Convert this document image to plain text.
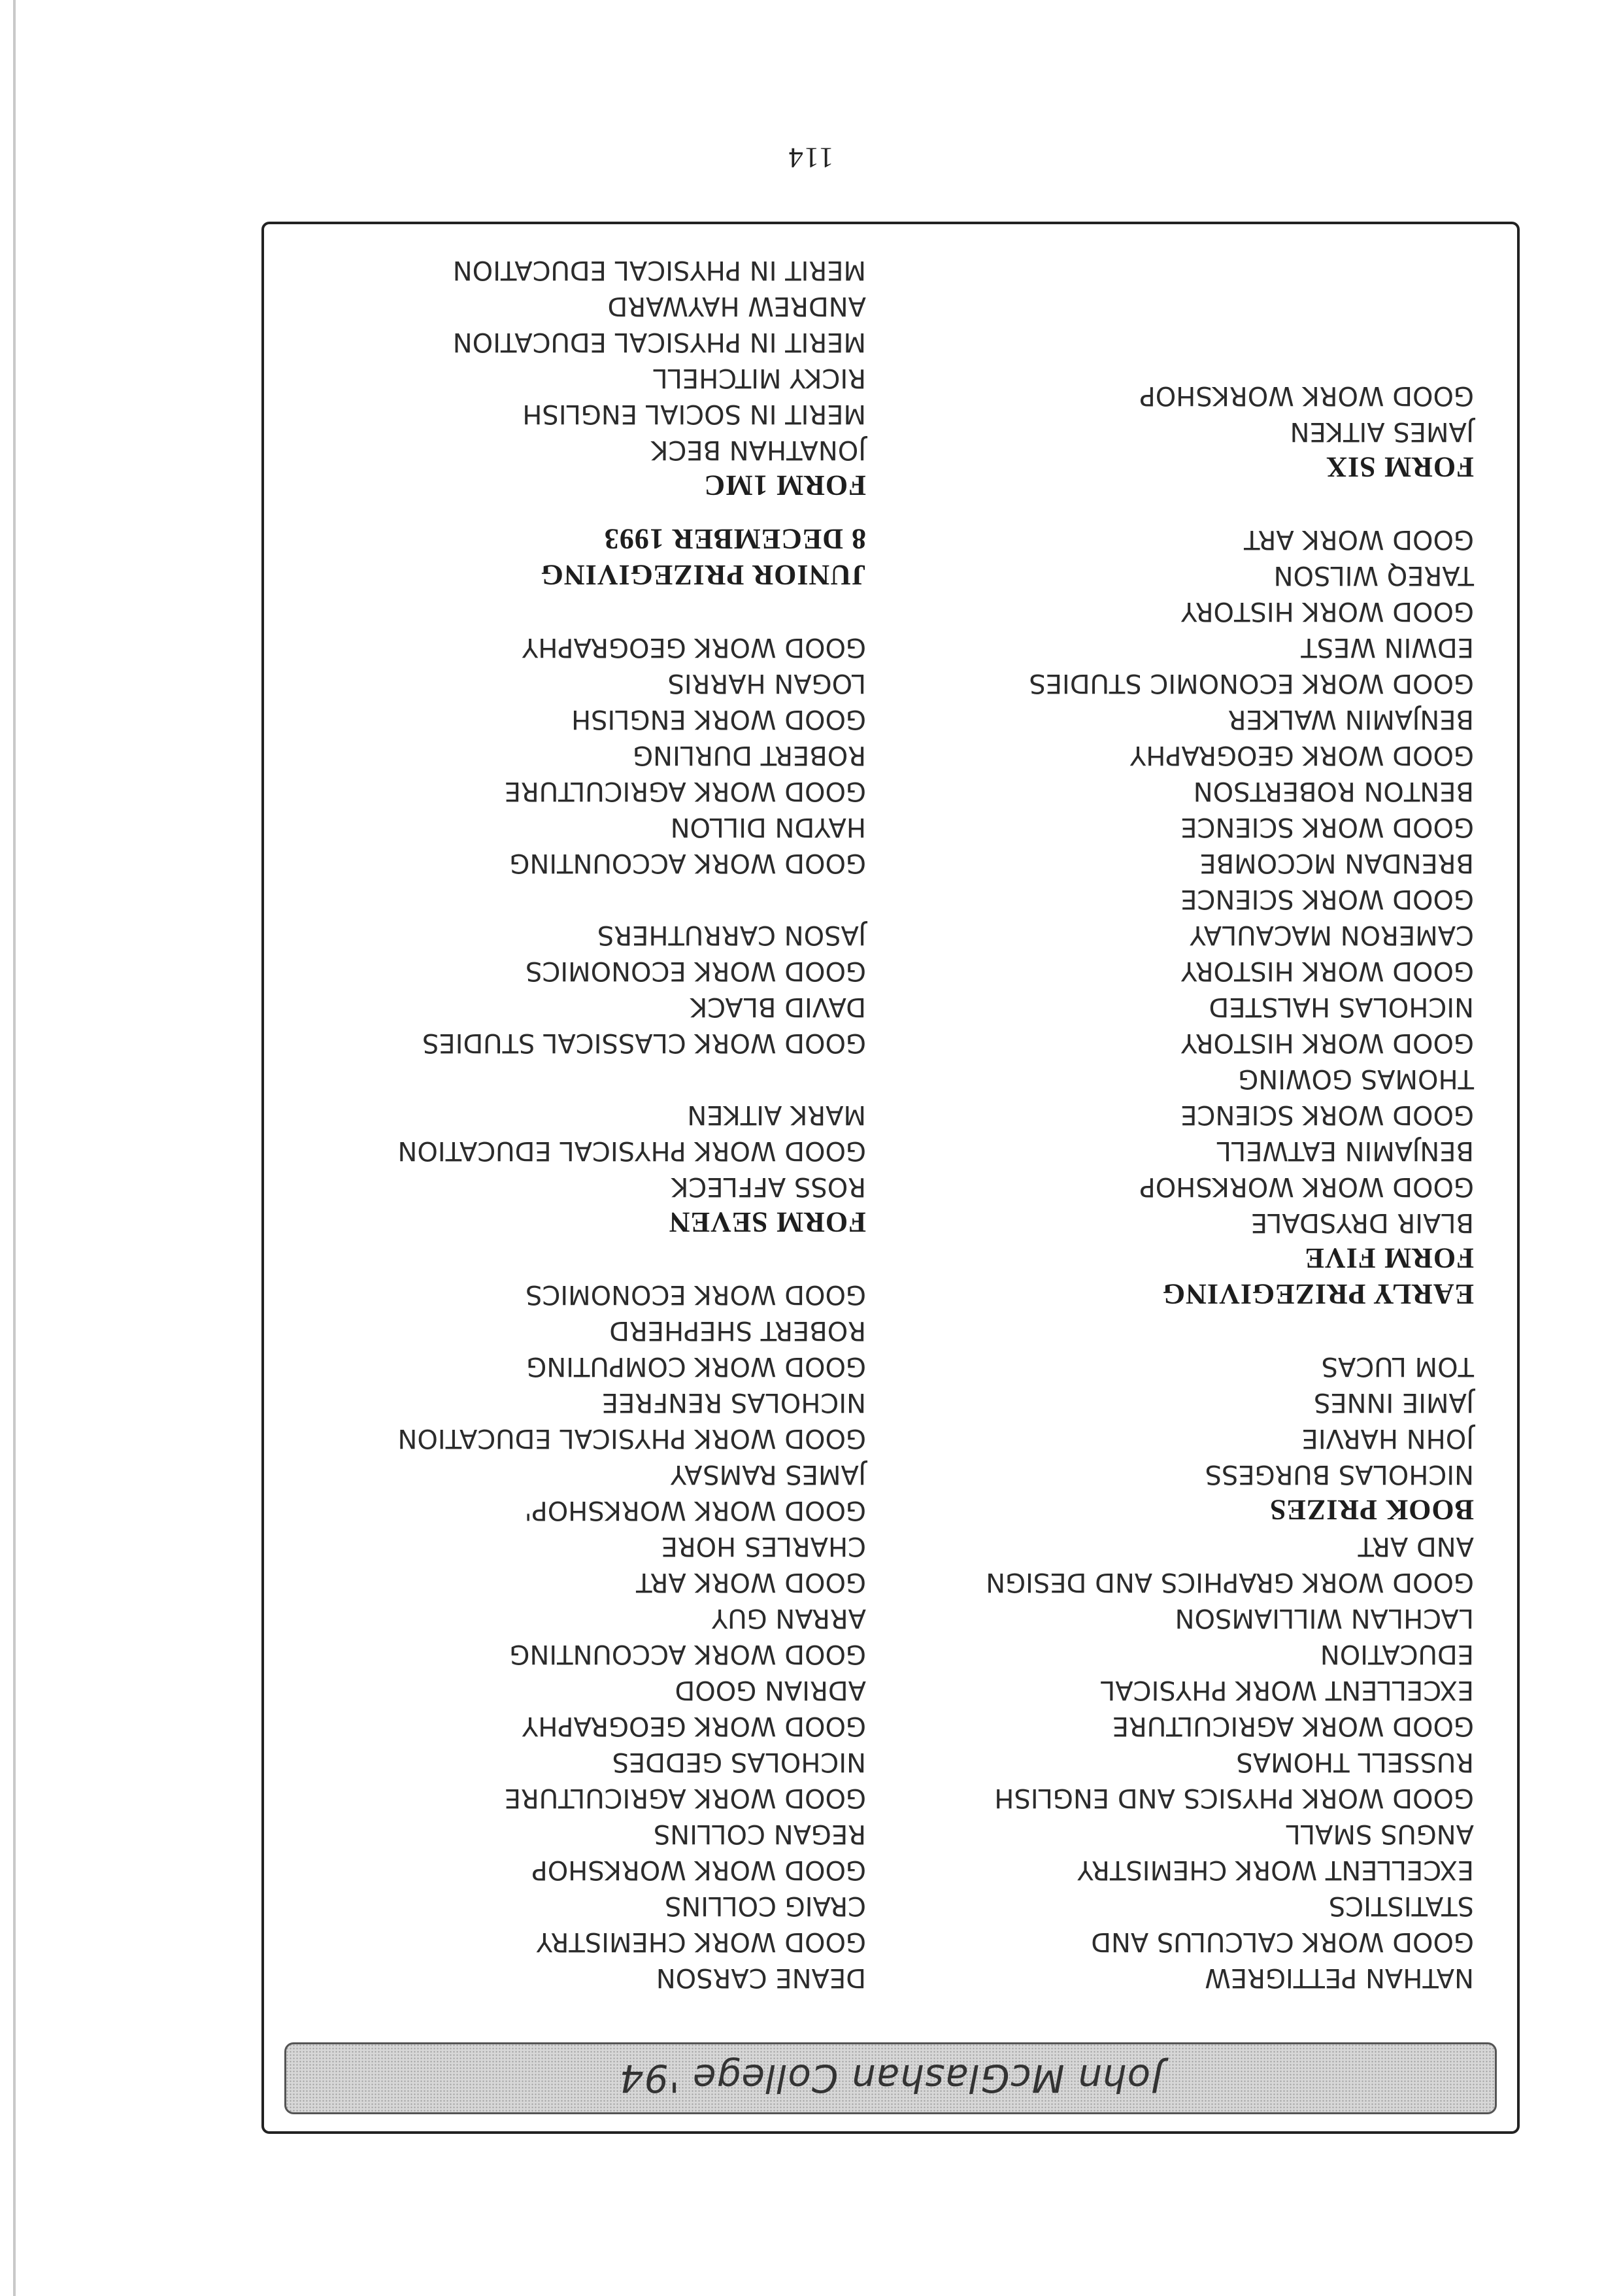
114
John McGlashan College '94
NATHAN PETTIGREW
GOOD WORK CALCULUS AND
STATISTICS
EXCELLENT WORK CHEMISTRY
ANGUS SMALL
GOOD WORK PHYSICS AND ENGLISH
RUSSELL THOMAS
GOOD WORK AGRICULTURE
EXCELLENT WORK PHYSICAL
EDUCATION
LACHLAN WILLIAMSON
GOOD WORK GRAPHICS AND DESIGN
AND ART
BOOK PRIZES
NICHOLAS BURGESS
JOHN HARVIE
JAMIE INNES
TOM LUCAS
EARLY PRIZEGIVING
FORM FIVE
BLAIR DRYSDALE
GOOD WORK WORKSHOP
BENJAMIN EATWELL
GOOD WORK SCIENCE
THOMAS GOWING
GOOD WORK HISTORY
NICHOLAS HALSTED
GOOD WORK HISTORY
CAMERON MACAULAY
GOOD WORK SCIENCE
BRENDAN MCCOMBE
GOOD WORK SCIENCE
BENTON ROBERTSON
GOOD WORK GEOGRAPHY
BENJAMIN WALKER
GOOD WORK ECONOMIC STUDIES
EDWIN WEST
GOOD WORK HISTORY
TAREQ WILSON
GOOD WORK ART
FORM SIX
JAMES AITKEN
GOOD WORK WORKSHOP
DEANE CARSON
GOOD WORK CHEMISTRY
CRAIG COLLINS
GOOD WORK WORKSHOP
REGAN COLLINS
GOOD WORK AGRICULTURE
NICHOLAS GEDDES
GOOD WORK GEOGRAPHY
ADRIAN GOOD
GOOD WORK ACCOUNTING
ARRAN GUY
GOOD WORK ART
CHARLES HORE
GOOD WORK WORKSHOP'
JAMES RAMSAY
GOOD WORK PHYSICAL EDUCATION
NICHOLAS RENFREE
GOOD WORK COMPUTING
ROBERT SHEPHERD
GOOD WORK ECONOMICS
FORM SEVEN
ROSS AFFLECK
GOOD WORK PHYSICAL EDUCATION
MARK AITKEN
GOOD WORK CLASSICAL STUDIES
DAVID BLACK
GOOD WORK ECONOMICS
JASON CARRUTHERS
GOOD WORK ACCOUNTING
HAYDN DILLON
GOOD WORK AGRICULTURE
ROBERT DURLING
GOOD WORK ENGLISH
LOGAN HARRIS
GOOD WORK GEOGRAPHY
JUNIOR PRIZEGIVING
8 DECEMBER 1993
FORM 1MC
JONATHAN BECK
MERIT IN SOCIAL ENGLISH
RICKY MITCHELL
MERIT IN PHYSICAL EDUCATION
ANDREW HAYWARD
MERIT IN PHYSICAL EDUCATION
